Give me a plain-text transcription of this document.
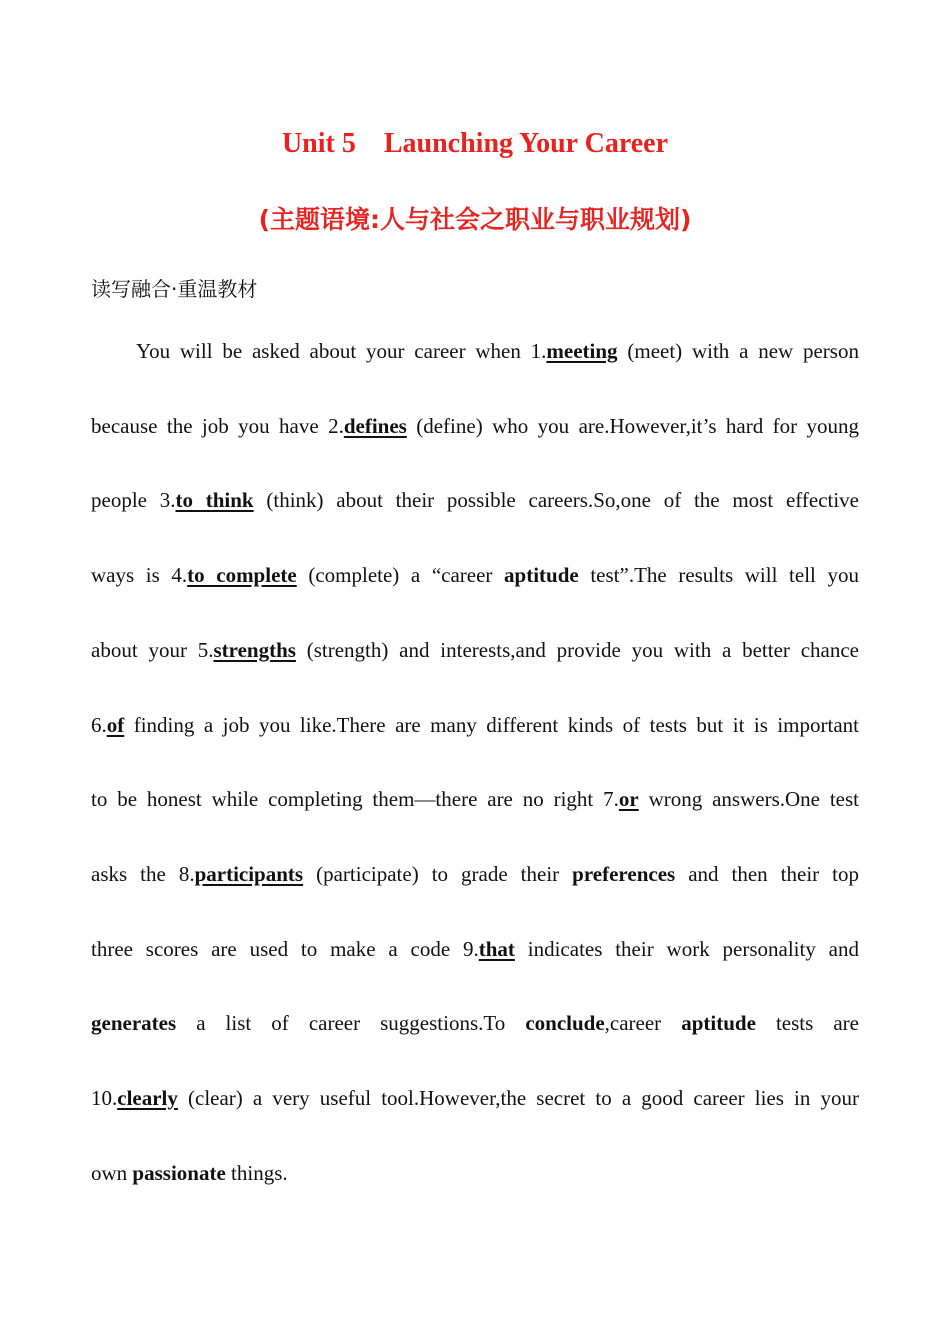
Unit 5    Launching Your Career
(主题语境:人与社会之职业与职业规划)
读写融合·重温教材
You will be asked about your career when 1.meeting (meet) with a new person
because the job you have 2.defines (define) who you are.However,it’s hard for young
people 3.to think (think) about their possible careers.So,one of the most effective
ways is 4.to complete (complete) a “career aptitude test”.The results will tell you
about your 5.strengths (strength) and interests,and provide you with a better chance
6.of finding a job you like.There are many different kinds of tests but it is important
to be honest while completing them—there are no right 7.or wrong answers.One test
asks the 8.participants (participate) to grade their preferences and then their top
three scores are used to make a code 9.that indicates their work personality and
generates a list of career suggestions.To conclude,career aptitude tests are
10.clearly (clear) a very useful tool.However,the secret to a good career lies in your
own passionate things.
